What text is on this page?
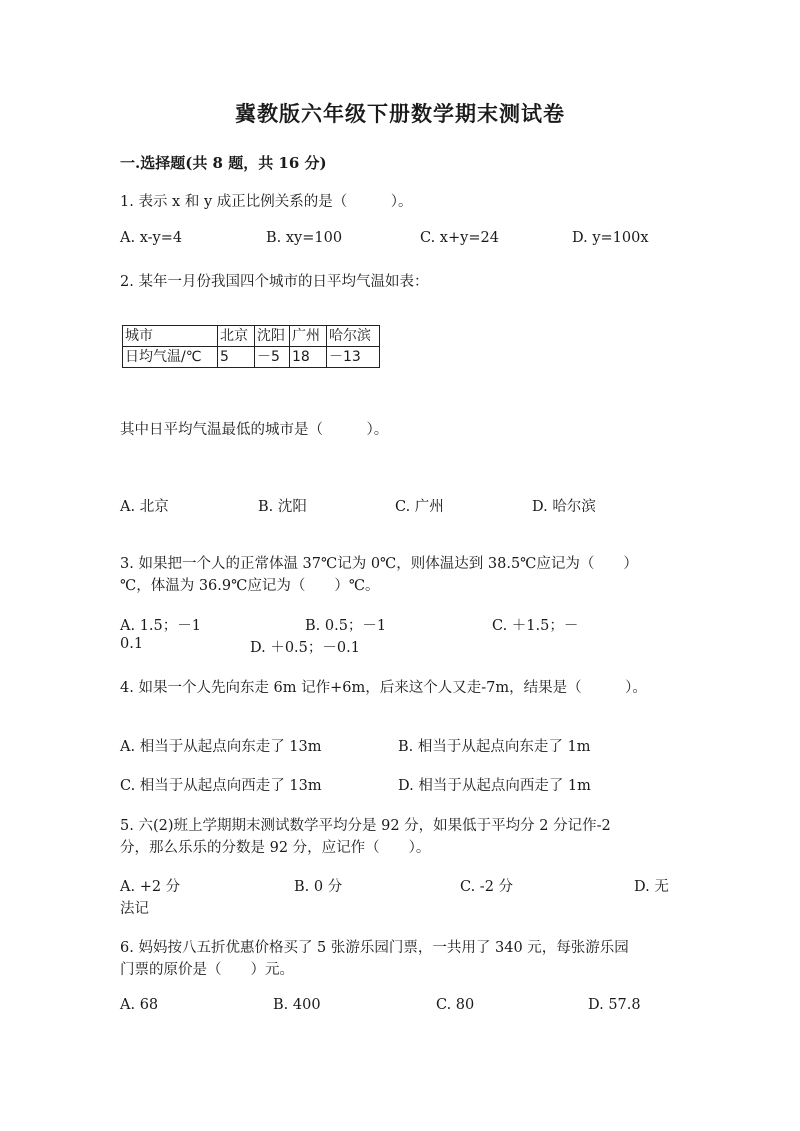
冀教版六年级下册数学期末测试卷
一.选择题(共 8 题，共 16 分)
1. 表示 x 和 y 成正比例关系的是（　　　）。
A. x-y=4	B. xy=100	C. x+y=24	D. y=100x
2. 某年一月份我国四个城市的日平均气温如表：
城市	北京	沈阳	广州	哈尔滨
日均气温/℃	5	－5	18	－13
其中日平均气温最低的城市是（　　　）。
A. 北京	B. 沈阳	C. 广州	D. 哈尔滨
3. 如果把一个人的正常体温 37℃记为 0℃，则体温达到 38.5℃应记为（　　）
℃，体温为 36.9℃应记为（　　）℃。
A. 1.5；－1	B. 0.5；－1	C. ＋1.5；－
0.1	D. ＋0.5；－0.1
4. 如果一个人先向东走 6m 记作+6m，后来这个人又走-7m，结果是（　　　）。
A. 相当于从起点向东走了 13m	B. 相当于从起点向东走了 1m
C. 相当于从起点向西走了 13m	D. 相当于从起点向西走了 1m
5. 六(2)班上学期期末测试数学平均分是 92 分，如果低于平均分 2 分记作-2
分，那么乐乐的分数是 92 分，应记作（　　）。
A. +2 分	B. 0 分	C. -2 分	D. 无
法记
6. 妈妈按八五折优惠价格买了 5 张游乐园门票，一共用了 340 元，每张游乐园
门票的原价是（　　）元。
A. 68	B. 400	C. 80	D. 57.8
